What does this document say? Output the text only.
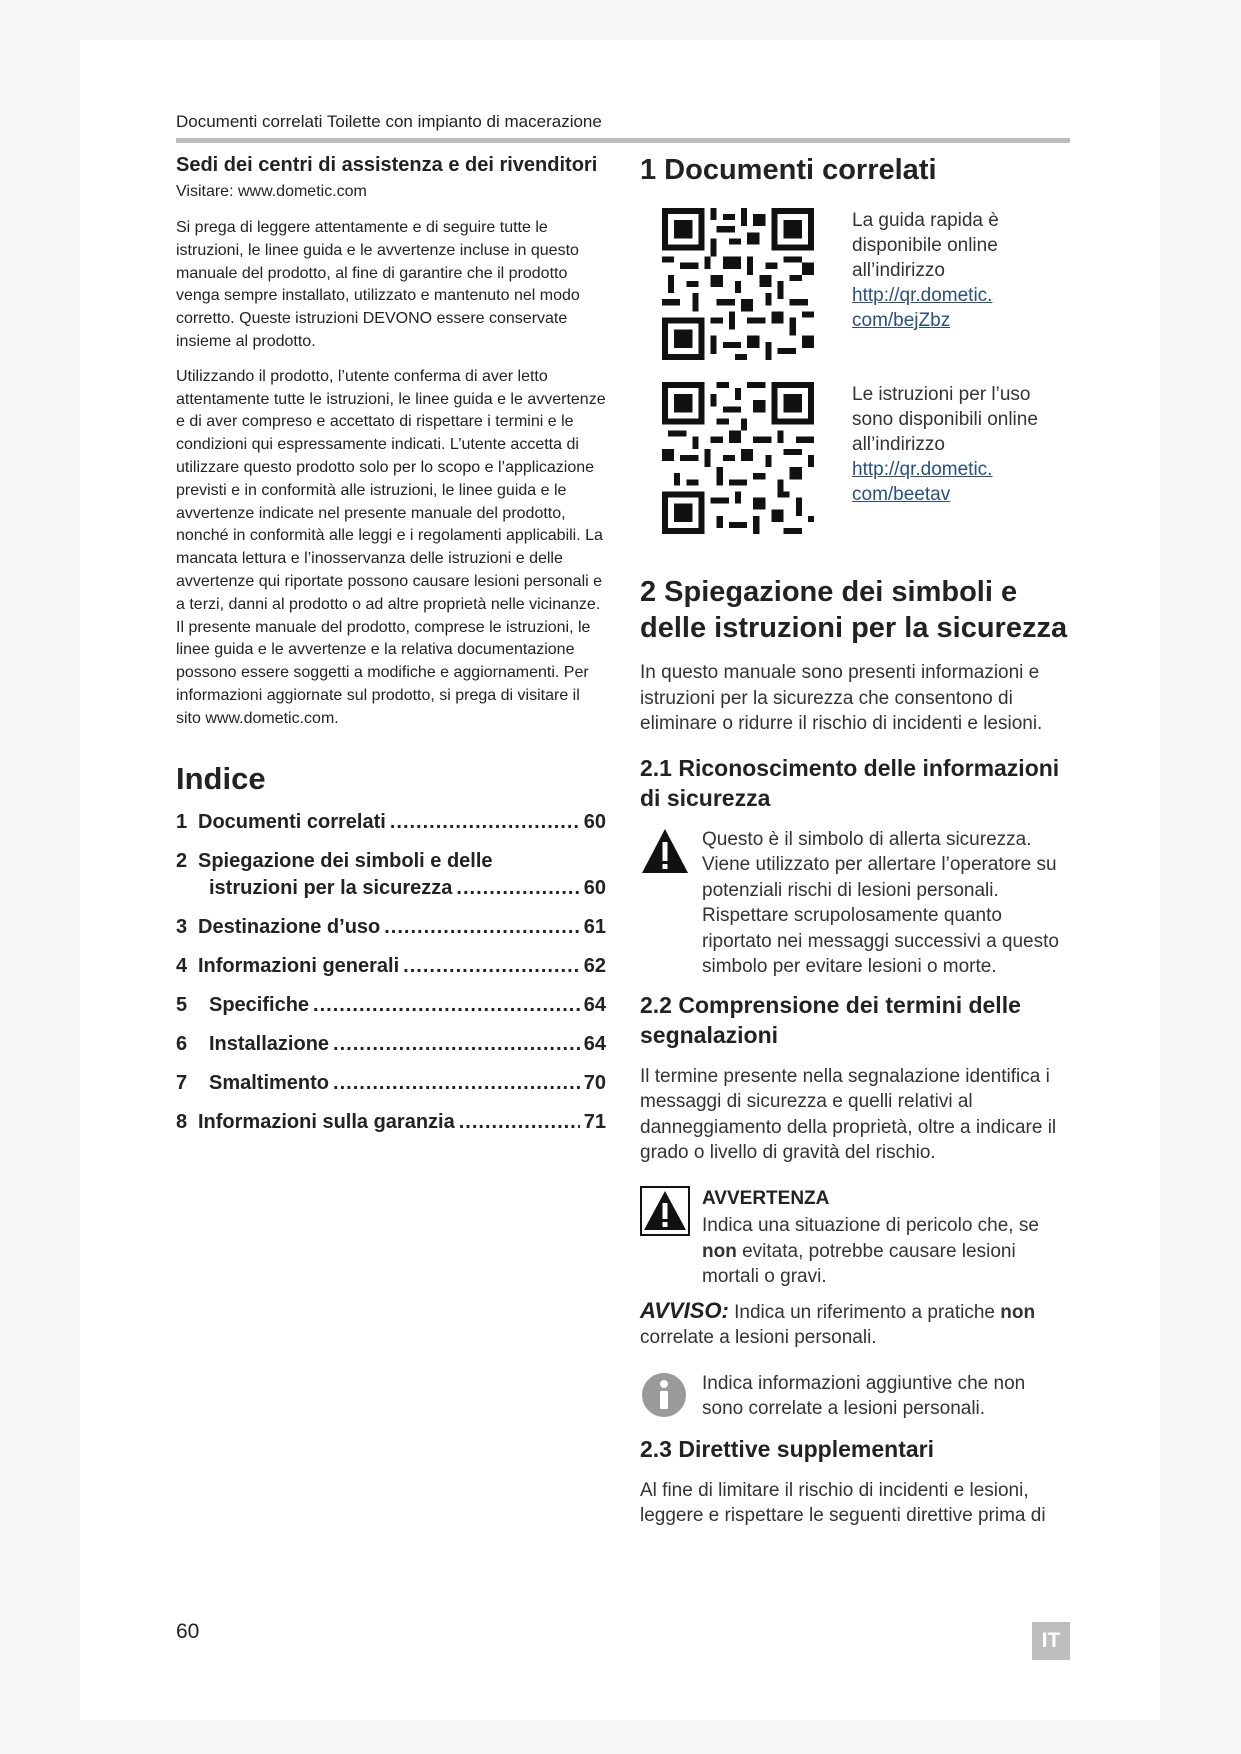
Documenti correlati Toilette con impianto di macerazione
Sedi dei centri di assistenza e dei rivenditori

Visitare: www.dometic.com

Si prega di leggere attentamente e di seguire tutte le istruzioni, le linee guida e le avvertenze incluse in questo manuale del prodotto, al fine di garantire che il prodotto venga sempre installato, utilizzato e mantenuto nel modo corretto. Queste istruzioni DEVONO essere conservate insieme al prodotto.

Utilizzando il prodotto, l’utente conferma di aver letto attentamente tutte le istruzioni, le linee guida e le avvertenze e di aver compreso e accettato di rispettare i termini e le condizioni qui espressamente indicati. L’utente accetta di utilizzare questo prodotto solo per lo scopo e l’applicazione previsti e in conformità alle istruzioni, le linee guida e le avvertenze indicate nel presente manuale del prodotto, nonché in conformità alle leggi e i regolamenti applicabili. La mancata lettura e l’inosservanza delle istruzioni e delle avvertenze qui riportate possono causare lesioni personali e a terzi, danni al prodotto o ad altre proprietà nelle vicinanze. Il presente manuale del prodotto, comprese le istruzioni, le linee guida e le avvertenze e la relativa documentazione possono essere soggetti a modifiche e aggiornamenti. Per informazioni aggiornate sul prodotto, si prega di visitare il sito www.dometic.com.

Indice
1 Documenti correlati .....	60
2 Spiegazione dei simboli e delle
istruzioni per la sicurezza .....	60
3 Destinazione d’uso .....	61
4 Informazioni generali .....	62
5	Specifiche .....	64
6	Installazione .....	64
7	Smaltimento .....	70
8 Informazioni sulla garanzia .....	71
1 Documenti correlati
La guida rapida è disponibile online all’indirizzo
http://qr.dometic.
com/bejZbz
Le istruzioni per l’uso sono disponibili online all’indirizzo
http://qr.dometic.
com/beetav
2 Spiegazione dei simboli e delle istruzioni per la sicurezza

In questo manuale sono presenti informazioni e istruzioni per la sicurezza che consentono di eliminare o ridurre il rischio di incidenti e lesioni.

2.1 Riconoscimento delle informazioni di sicurezza
Questo è il simbolo di allerta sicurezza. Viene utilizzato per allertare l’operatore su potenziali rischi di lesioni personali. Rispettare scrupolosamente quanto riportato nei messaggi successivi a questo simbolo per evitare lesioni o morte.
2.2 Comprensione dei termini delle segnalazioni

Il termine presente nella segnalazione identifica i messaggi di sicurezza e quelli relativi al danneggiamento della proprietà, oltre a indicare il grado o livello di gravità del rischio.

AVVERTENZA
Indica una situazione di pericolo che, se non evitata, potrebbe causare lesioni mortali o gravi.
AVVISO: Indica un riferimento a pratiche non correlate a lesioni personali.
Indica informazioni aggiuntive che non sono correlate a lesioni personali.
2.3 Direttive supplementari

Al fine di limitare il rischio di incidenti e lesioni, leggere e rispettare le seguenti direttive prima di

60	IT
